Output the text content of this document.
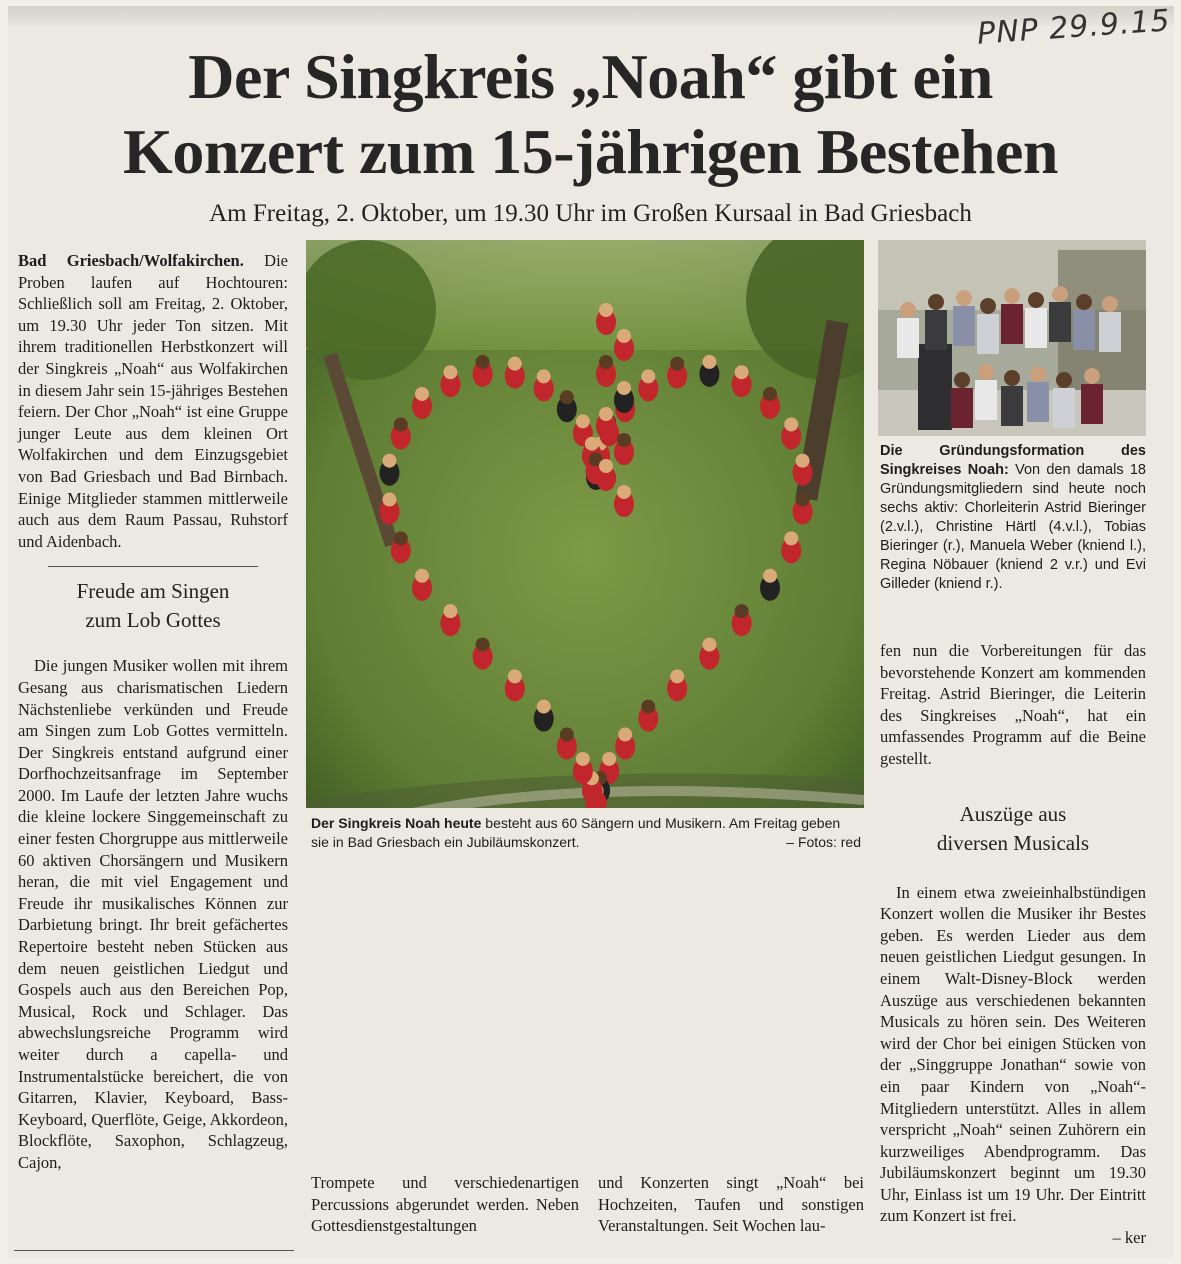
PNP 29.9.15
Der Singkreis „Noah“ gibt ein
Konzert zum 15-jährigen Bestehen
Am Freitag, 2. Oktober, um 19.30 Uhr im Großen Kursaal in Bad Griesbach

Bad Griesbach/Wolfakirchen. Die Proben laufen auf Hochtouren: Schließlich soll am Freitag, 2. Oktober, um 19.30 Uhr jeder Ton sitzen. Mit ihrem traditionellen Herbstkonzert will der Singkreis „Noah“ aus Wolfakirchen in diesem Jahr sein 15-jähriges Bestehen feiern. Der Chor „Noah“ ist eine Gruppe junger Leute aus dem kleinen Ort Wolfakirchen und dem Einzugsgebiet von Bad Griesbach und Bad Birnbach. Einige Mitglieder stammen mittlerweile auch aus dem Raum Passau, Ruhstorf und Aidenbach.

Freude am Singen
zum Lob Gottes

Die jungen Musiker wollen mit ihrem Gesang aus charismatischen Liedern Nächstenliebe verkünden und Freude am Singen zum Lob Gottes vermitteln. Der Singkreis entstand aufgrund einer Dorfhochzeitsanfrage im September 2000. Im Laufe der letzten Jahre wuchs die kleine lockere Singgemeinschaft zu einer festen Chorgruppe aus mittlerweile 60 aktiven Chorsängern und Musikern heran, die mit viel Engagement und Freude ihr musikalisches Können zur Darbietung bringt. Ihr breit gefächertes Repertoire besteht neben Stücken aus dem neuen geistlichen Liedgut und Gospels auch aus den Bereichen Pop, Musical, Rock und Schlager. Das abwechslungsreiche Programm wird weiter durch a capella- und Instrumentalstücke bereichert, die von Gitarren, Klavier, Keyboard, Bass-Keyboard, Querflöte, Geige, Akkordeon, Blockflöte, Saxophon, Schlagzeug, Cajon,

Der Singkreis Noah heute besteht aus 60 Sängern und Musikern. Am Freitag geben sie in Bad Griesbach ein Jubiläumskonzert.	– Fotos: red

Trompete und verschiedenartigen Percussions abgerundet werden. Neben Gottesdienstgestaltungen

und Konzerten singt „Noah“ bei Hochzeiten, Taufen und sonstigen Veranstaltungen. Seit Wochen lau-

Die Gründungsformation des Singkreises Noah: Von den damals 18 Gründungsmitgliedern sind heute noch sechs aktiv: Chorleiterin Astrid Bieringer (2.v.l.), Christine Härtl (4.v.l.), Tobias Bieringer (r.), Manuela Weber (kniend l.), Regina Nöbauer (kniend 2 v.r.) und Evi Gilleder (kniend r.).

fen nun die Vorbereitungen für das bevorstehende Konzert am kommenden Freitag. Astrid Bieringer, die Leiterin des Singkreises „Noah“, hat ein umfassendes Programm auf die Beine gestellt.

Auszüge aus
diversen Musicals

In einem etwa zweieinhalbstündigen Konzert wollen die Musiker ihr Bestes geben. Es werden Lieder aus dem neuen geistlichen Liedgut gesungen. In einem Walt-Disney-Block werden Auszüge aus verschiedenen bekannten Musicals zu hören sein. Des Weiteren wird der Chor bei einigen Stücken von der „Singgruppe Jonathan“ sowie von ein paar Kindern von „Noah“-Mitgliedern unterstützt. Alles in allem verspricht „Noah“ seinen Zuhörern ein kurzweiliges Abendprogramm. Das Jubiläumskonzert beginnt um 19.30 Uhr, Einlass ist um 19 Uhr. Der Eintritt zum Konzert ist frei.

– ker
